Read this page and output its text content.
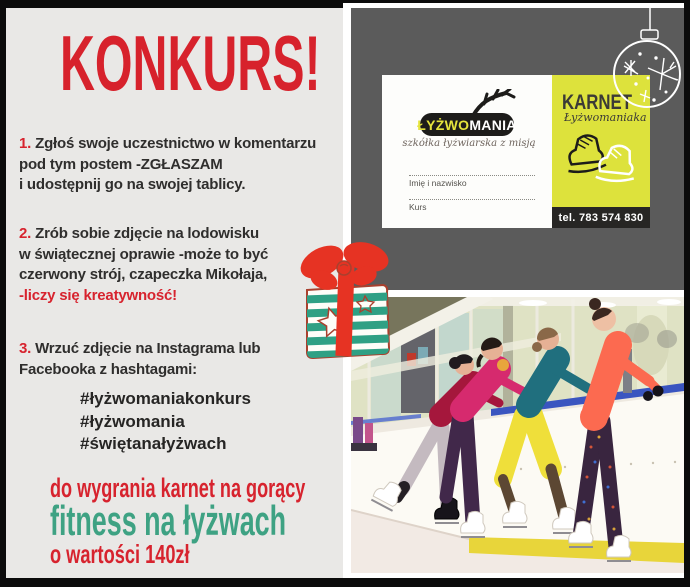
KONKURS!
1. Zgłoś swoje uczestnictwo w komentarzu
pod tym postem -ZGŁASZAM
i udostępnij go na swojej tablicy.
2. Zrób sobie zdjęcie na lodowisku
w świątecznej oprawie -może to być
czerwony strój, czapeczka Mikołaja,
-liczy się kreatywność!
3. Wrzuć zdjęcie na Instagrama lub
Facebooka z hashtagami:
#łyżwomaniakonkurs
#łyżwomania
#świętanałyżwach
do wygrania karnet na gorący
fitness na łyżwach
o wartości 140zł
ŁYŻWO MANIA
szkółka łyżwiarska z misją
Imię i nazwisko
Kurs
KARNET
Łyżwomaniaka
tel. 783 574 830
